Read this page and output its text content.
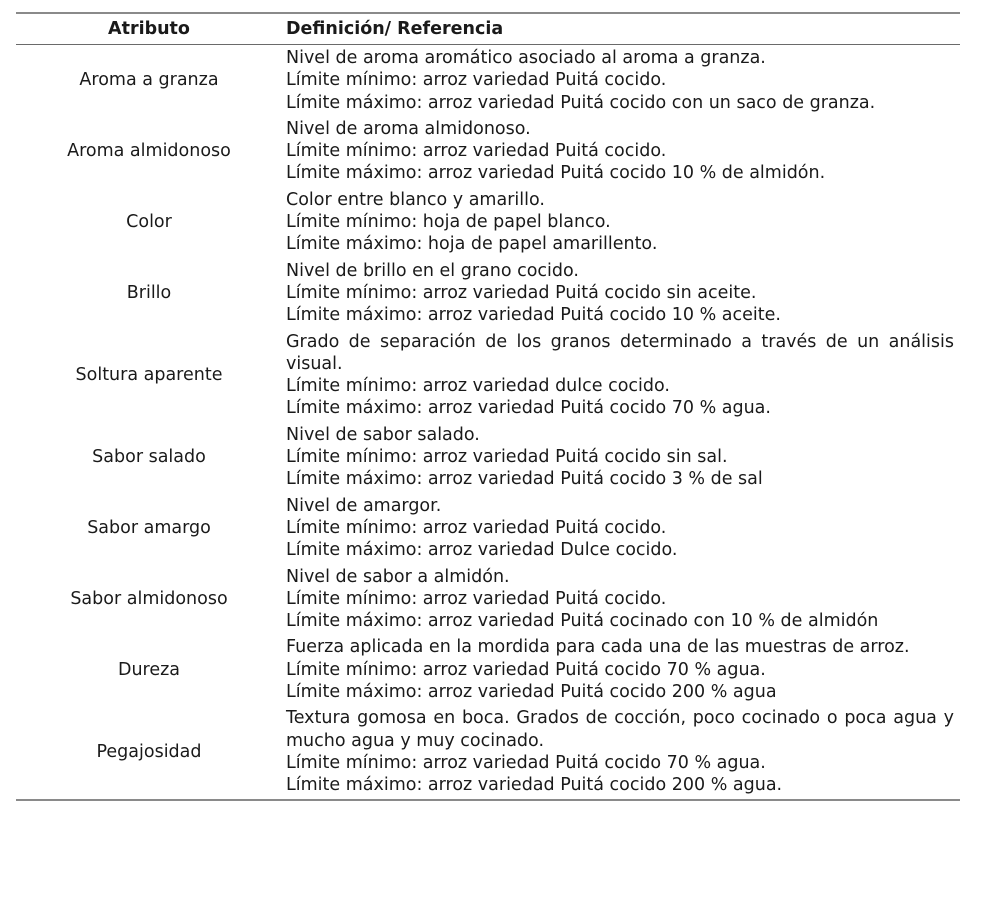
Atributo	Definición/ Referencia
Aroma a granza	Nivel de aroma aromático asociado al aroma a granza.
Límite mínimo: arroz variedad Puitá cocido.
Límite máximo: arroz variedad Puitá cocido con un saco de granza.

Aroma almidonoso	Nivel de aroma almidonoso.
Límite mínimo: arroz variedad Puitá cocido.
Límite máximo: arroz variedad Puitá cocido 10 % de almidón.

Color	Color entre blanco y amarillo.
Límite mínimo: hoja de papel blanco.
Límite máximo: hoja de papel amarillento.

Brillo	Nivel de brillo en el grano cocido.
Límite mínimo: arroz variedad Puitá cocido sin aceite.
Límite máximo: arroz variedad Puitá cocido 10 % aceite.

Soltura aparente	Grado de separación de los granos determinado a través de un análisis visual.
Límite mínimo: arroz variedad dulce cocido.
Límite máximo: arroz variedad Puitá cocido 70 % agua.

Sabor salado	Nivel de sabor salado.
Límite mínimo: arroz variedad Puitá cocido sin sal.
Límite máximo: arroz variedad Puitá cocido 3 % de sal

Sabor amargo	Nivel de amargor.
Límite mínimo: arroz variedad Puitá cocido.
Límite máximo: arroz variedad Dulce cocido.

Sabor almidonoso	Nivel de sabor a almidón.
Límite mínimo: arroz variedad Puitá cocido.
Límite máximo: arroz variedad Puitá cocinado con 10 % de almidón

Dureza	Fuerza aplicada en la mordida para cada una de las muestras de arroz.
Límite mínimo: arroz variedad Puitá cocido 70 % agua.
Límite máximo: arroz variedad Puitá cocido 200 % agua

Pegajosidad	Textura gomosa en boca. Grados de cocción, poco cocinado o poca agua y mucho agua y muy cocinado.
Límite mínimo: arroz variedad Puitá cocido 70 % agua.
Límite máximo: arroz variedad Puitá cocido 200 % agua.
